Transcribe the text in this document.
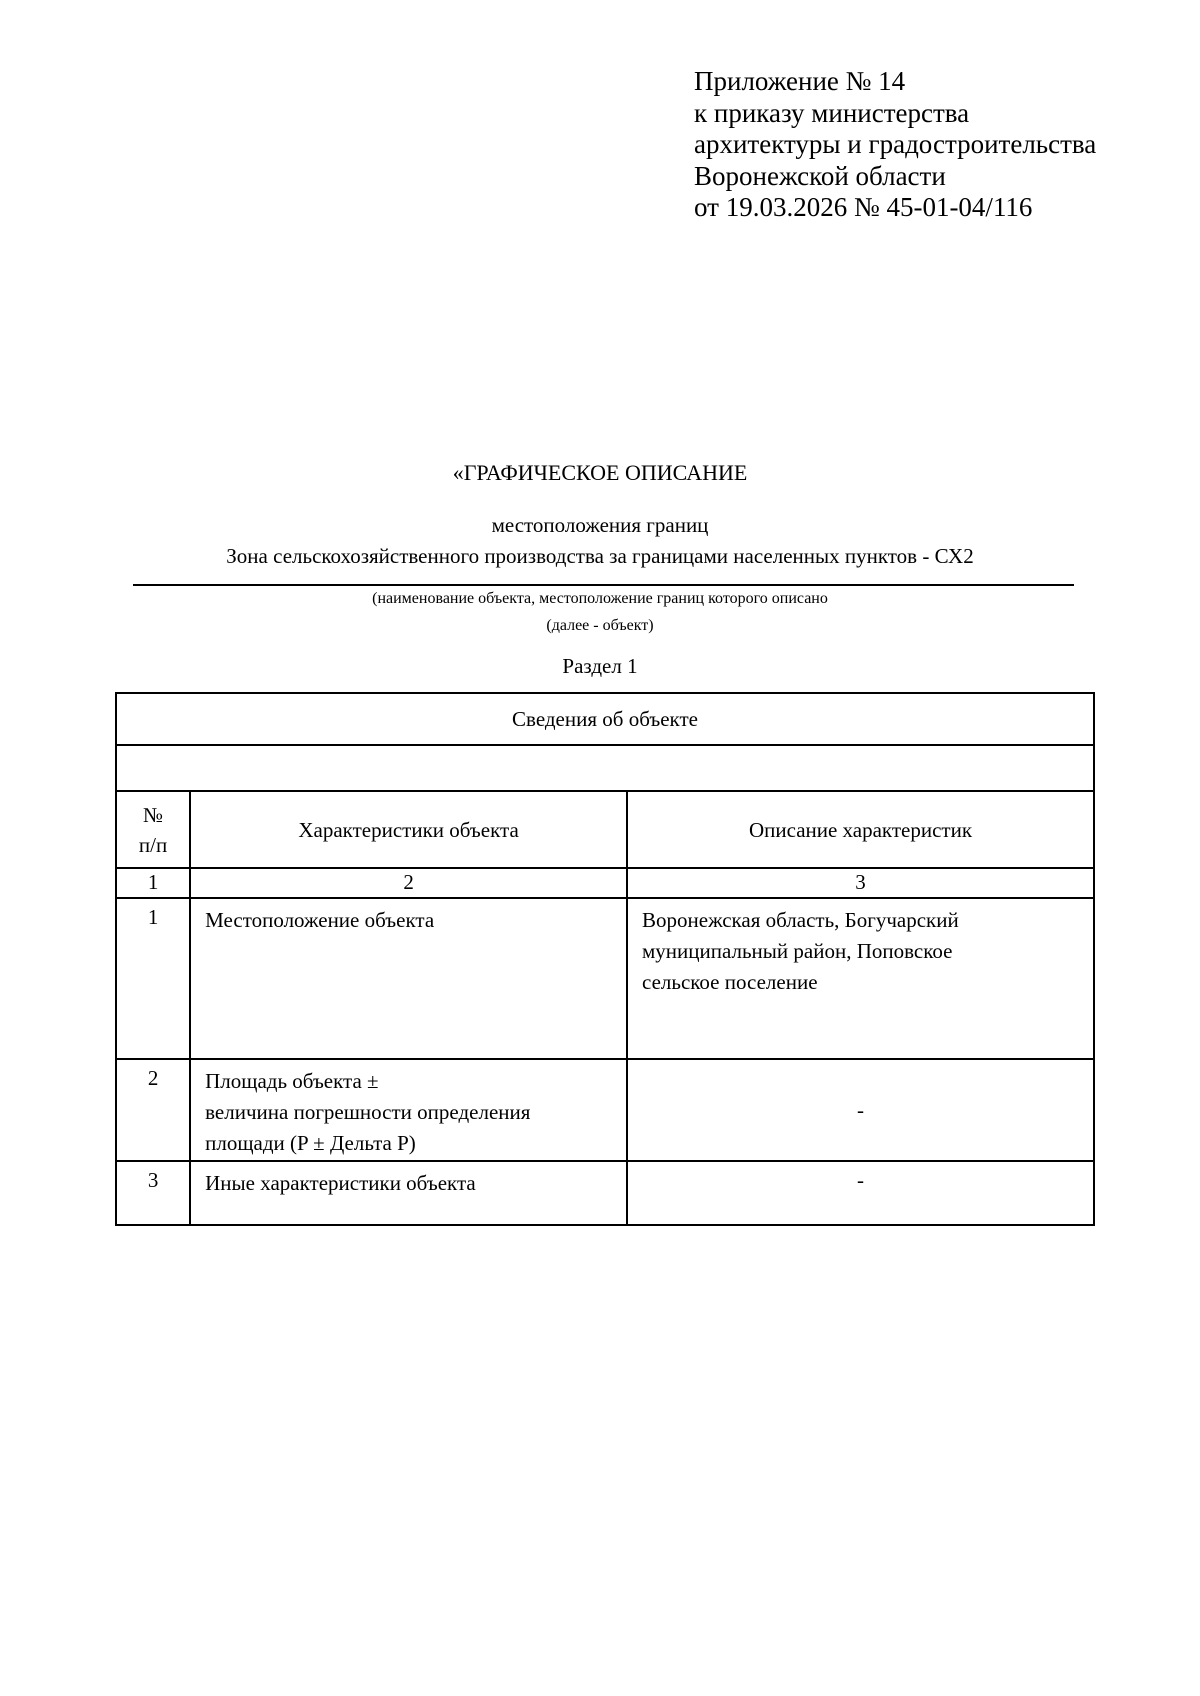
Приложение № 14
к приказу министерства
архитектуры и градостроительства
Воронежской области
от 19.03.2026 № 45-01-04/116
«ГРАФИЧЕСКОЕ ОПИСАНИЕ
местоположения границ
Зона сельскохозяйственного производства за границами населенных пунктов - СХ2
(наименование объекта, местоположение границ которого описано
(далее - объект)
Раздел 1
Сведения об объекте		

№
п/п	Характеристики объекта	Описание характеристик
1	2	3
1	Местоположение объекта	Воронежская область, Богучарский
муниципальный район, Поповское
сельское поселение

2	Площадь объекта ±
величина погрешности определения
площади (P ± Дельта P)	-
3	Иные характеристики объекта	-
